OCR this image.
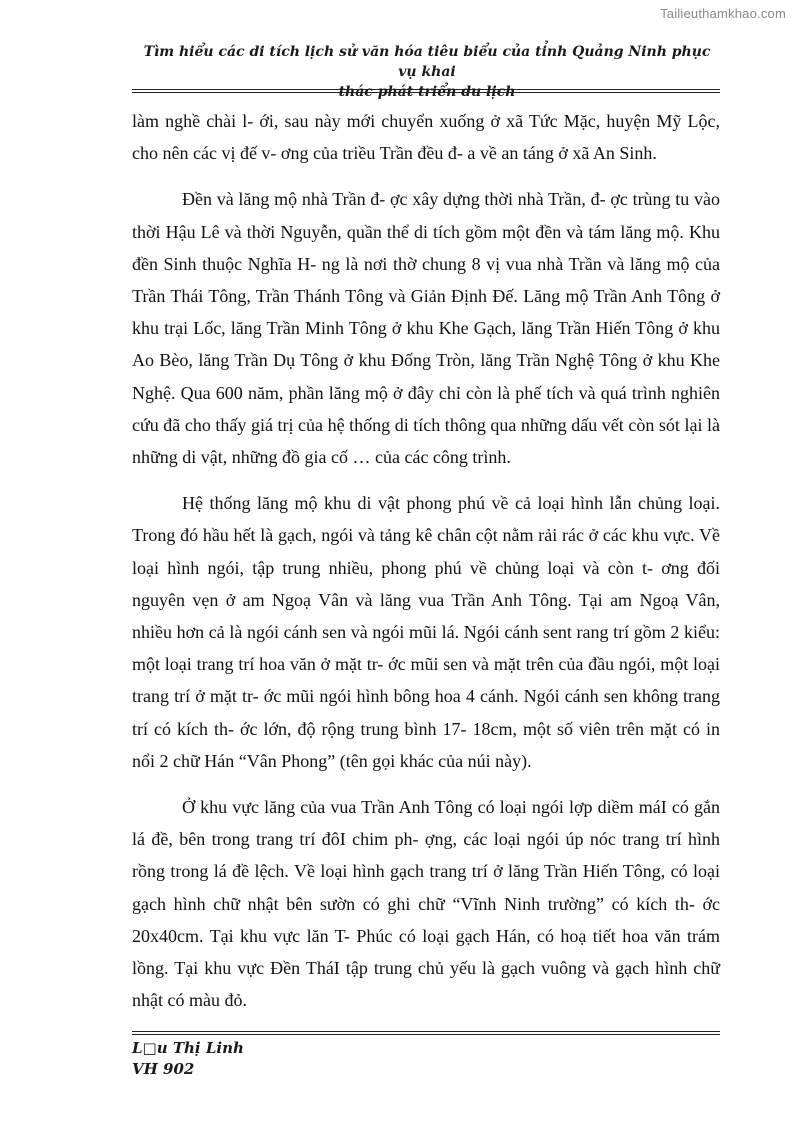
Tailieuthamkhao.com
Tìm hiểu các di tích lịch sử văn hóa tiêu biểu của tỉnh Quảng Ninh phục vụ khai
thác phát triển du lịch

làm nghề chài l- ới, sau này mới chuyển xuống ở xã Tức Mặc, huyện Mỹ Lộc, cho nên các vị đế v- ơng của triều Trần đều đ- a về an táng ở xã An Sinh.

Đền và lăng mộ nhà Trần đ- ợc xây dựng thời nhà Trần, đ- ợc trùng tu vào thời Hậu Lê và thời Nguyễn, quần thể di tích gồm một đền và tám lăng mộ. Khu đền Sinh thuộc Nghĩa H- ng là nơi thờ chung 8 vị vua nhà Trần và lăng mộ của Trần Thái Tông, Trần Thánh Tông và Giản Định Đế. Lăng mộ Trần Anh Tông ở khu trại Lốc, lăng Trần Minh Tông ở khu Khe Gạch, lăng Trần Hiến Tông ở khu Ao Bèo, lăng Trần Dụ Tông ở khu Đống Tròn, lăng Trần Nghệ Tông ở khu Khe Nghệ. Qua 600 năm, phần lăng mộ ở đây chỉ còn là phế tích và quá trình nghiên cứu đã cho thấy giá trị của hệ thống di tích thông qua những dấu vết còn sót lại là những di vật, những đồ gia cố … của các công trình.

Hệ thống lăng mộ khu di vật phong phú về cả loại hình lẫn chủng loại. Trong đó hầu hết là gạch, ngói và tảng kê chân cột nằm rải rác ở các khu vực. Về loại hình ngói, tập trung nhiều, phong phú về chủng loại và còn t- ơng đối nguyên vẹn ở am Ngoạ Vân và lăng vua Trần Anh Tông. Tại am Ngoạ Vân, nhiều hơn cả là ngói cánh sen và ngói mũi lá. Ngói cánh sent rang trí gồm 2 kiểu: một loại trang trí hoa văn ở mặt tr- ớc mũi sen và mặt trên của đầu ngói, một loại trang trí ở mặt tr- ớc mũi ngói hình bông hoa 4 cánh. Ngói cánh sen không trang trí có kích th- ớc lớn, độ rộng trung bình 17- 18cm, một số viên trên mặt có in nổi 2 chữ Hán “Vân Phong” (tên gọi khác của núi này).

Ở khu vực lăng của vua Trần Anh Tông có loại ngói lợp diềm máI có gắn lá đề, bên trong trang trí đôI chim ph- ợng, các loại ngói úp nóc trang trí hình rồng trong lá đề lệch. Về loại hình gạch trang trí ở lăng Trần Hiến Tông, có loại gạch hình chữ nhật bên sườn có ghi chữ “Vĩnh Ninh trường” có kích th- ớc 20x40cm. Tại khu vực lăn T- Phúc có loại gạch Hán, có hoạ tiết hoa văn trám lồng. Tại khu vực Đền TháI tập trung chủ yếu là gạch vuông và gạch hình chữ nhật có màu đỏ.

L□u Thị Linh
VH 902
